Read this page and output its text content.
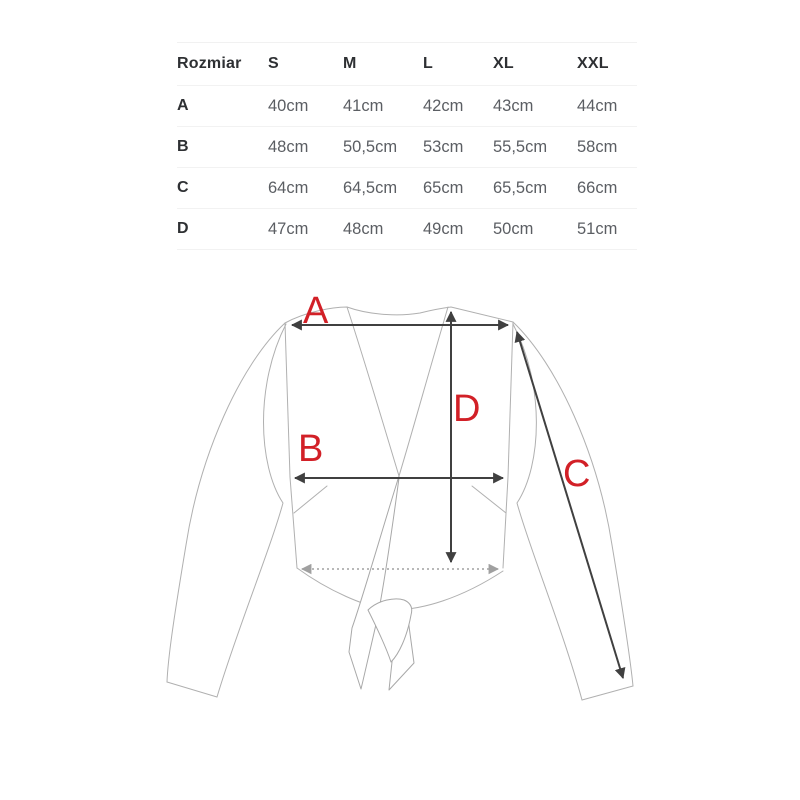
Rozmiar	S	M	L	XL	XXL
A	40cm	41cm	42cm	43cm	44cm
B	48cm	50,5cm	53cm	55,5cm	58cm
C	64cm	64,5cm	65cm	65,5cm	66cm
D	47cm	48cm	49cm	50cm	51cm
A
B
C
D
